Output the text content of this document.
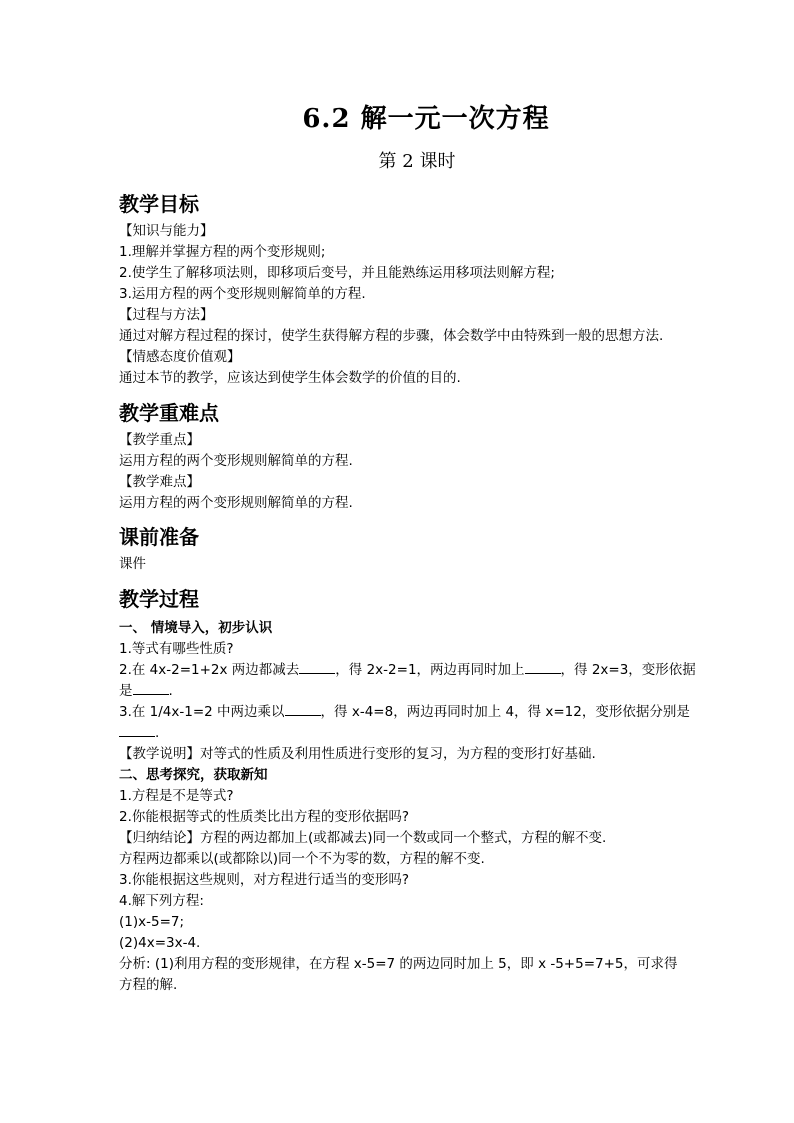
6.2 解一元一次方程
第 2 课时
教学目标
【知识与能力】
1.理解并掌握方程的两个变形规则;
2.使学生了解移项法则，即移项后变号，并且能熟练运用移项法则解方程;
3.运用方程的两个变形规则解简单的方程.
【过程与方法】
通过对解方程过程的探讨，使学生获得解方程的步骤，体会数学中由特殊到一般的思想方法.
【情感态度价值观】
通过本节的教学，应该达到使学生体会数学的价值的目的.
教学重难点
【教学重点】
运用方程的两个变形规则解简单的方程.
【教学难点】
运用方程的两个变形规则解简单的方程.
课前准备
课件
教学过程
一、 情境导入，初步认识
1.等式有哪些性质?
2.在 4x-2=1+2x 两边都减去	，得 2x-2=1，两边再同时加上	，得 2x=3，变形依据
是	.
3.在 1/4x-1=2 中两边乘以	，得 x-4=8，两边再同时加上 4，得 x=12，变形依据分别是
.
【教学说明】对等式的性质及利用性质进行变形的复习，为方程的变形打好基础.
二、思考探究，获取新知
1.方程是不是等式?
2.你能根据等式的性质类比出方程的变形依据吗?
【归纳结论】方程的两边都加上(或都减去)同一个数或同一个整式，方程的解不变.
方程两边都乘以(或都除以)同一个不为零的数，方程的解不变.
3.你能根据这些规则，对方程进行适当的变形吗?
4.解下列方程:
(1)x-5=7;
(2)4x=3x-4.
分析: (1)利用方程的变形规律，在方程 x-5=7 的两边同时加上 5，即 x -5+5=7+5，可求得
方程的解.
